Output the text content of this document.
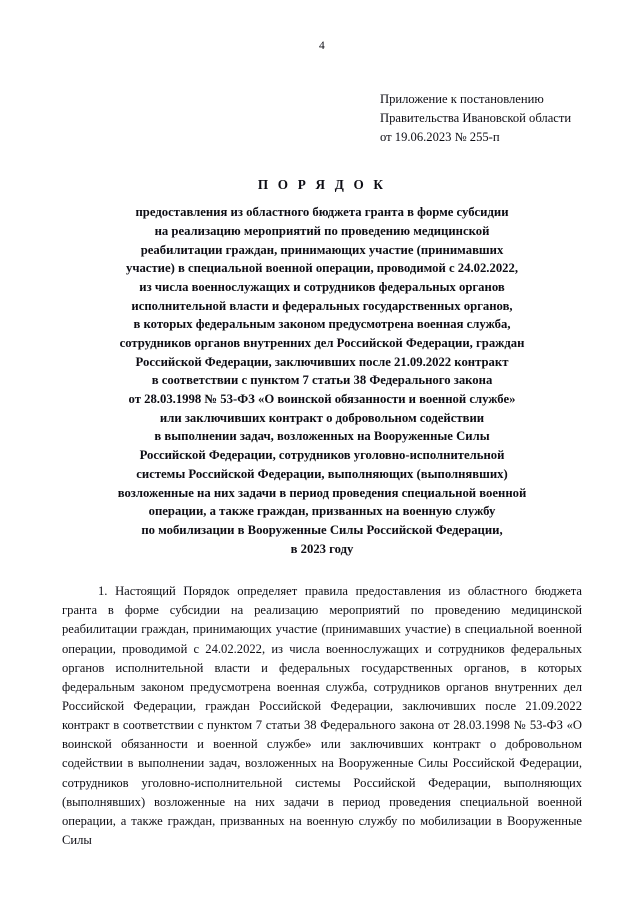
4
Приложение к постановлению
Правительства Ивановской области
от 19.06.2023 № 255-п
П О Р Я Д О К
предоставления из областного бюджета гранта в форме субсидии
на реализацию мероприятий по проведению медицинской
реабилитации граждан, принимающих участие (принимавших
участие) в специальной военной операции, проводимой с 24.02.2022,
из числа военнослужащих и сотрудников федеральных органов
исполнительной власти и федеральных государственных органов,
в которых федеральным законом предусмотрена военная служба,
сотрудников органов внутренних дел Российской Федерации, граждан
Российской Федерации, заключивших после 21.09.2022 контракт
в соответствии с пунктом 7 статьи 38 Федерального закона
от 28.03.1998 № 53-ФЗ «О воинской обязанности и военной службе»
или заключивших контракт о добровольном содействии
в выполнении задач, возложенных на Вооруженные Силы
Российской Федерации, сотрудников уголовно-исполнительной
системы Российской Федерации, выполняющих (выполнявших)
возложенные на них задачи в период проведения специальной военной
операции, а также граждан, призванных на военную службу
по мобилизации в Вооруженные Силы Российской Федерации,
в 2023 году
1. Настоящий Порядок определяет правила предоставления из областного бюджета гранта в форме субсидии на реализацию мероприятий по проведению медицинской реабилитации граждан, принимающих участие (принимавших участие) в специальной военной операции, проводимой с 24.02.2022, из числа военнослужащих и сотрудников федеральных органов исполнительной власти и федеральных государственных органов, в которых федеральным законом предусмотрена военная служба, сотрудников органов внутренних дел Российской Федерации, граждан Российской Федерации, заключивших после 21.09.2022 контракт в соответствии с пунктом 7 статьи 38 Федерального закона от 28.03.1998 № 53-ФЗ «О воинской обязанности и военной службе» или заключивших контракт о добровольном содействии в выполнении задач, возложенных на Вооруженные Силы Российской Федерации, сотрудников уголовно-исполнительной системы Российской Федерации, выполняющих (выполнявших) возложенные на них задачи в период проведения специальной военной операции, а также граждан, призванных на военную службу по мобилизации в Вооруженные Силы
